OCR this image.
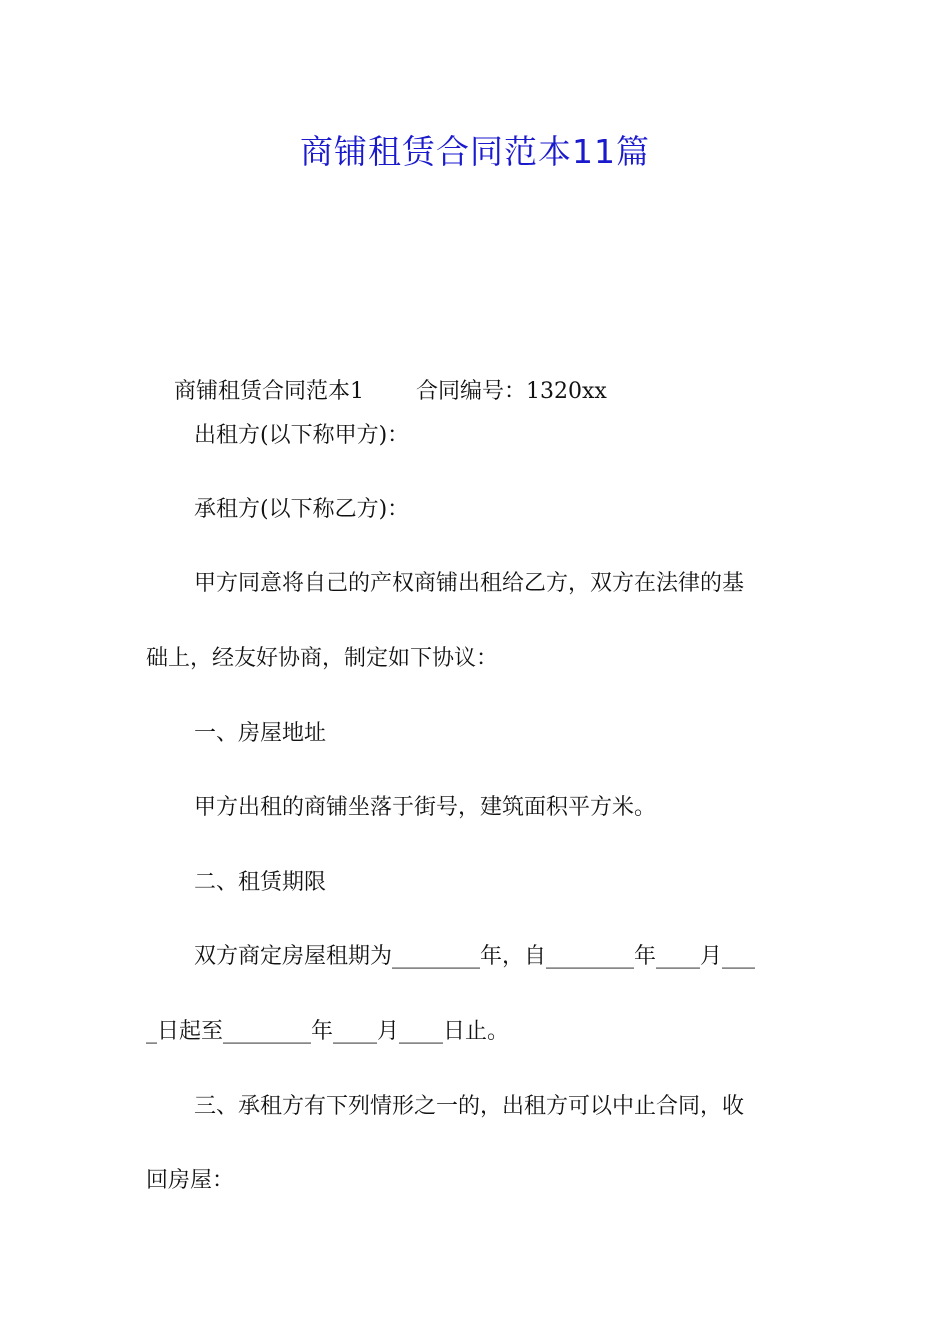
商铺租赁合同范本11篇

商铺租赁合同范本1 合同编号：1320xx

出租方(以下称甲方)：
承租方(以下称乙方)：
甲方同意将自己的产权商铺出租给乙方，双方在法律的基
础上，经友好协商，制定如下协议：
一、房屋地址
甲方出租的商铺坐落于街号，建筑面积平方米。
二、租赁期限
双方商定房屋租期为________年，自________年____月___
_日起至________年____月____日止。
三、承租方有下列情形之一的，出租方可以中止合同，收
回房屋：
